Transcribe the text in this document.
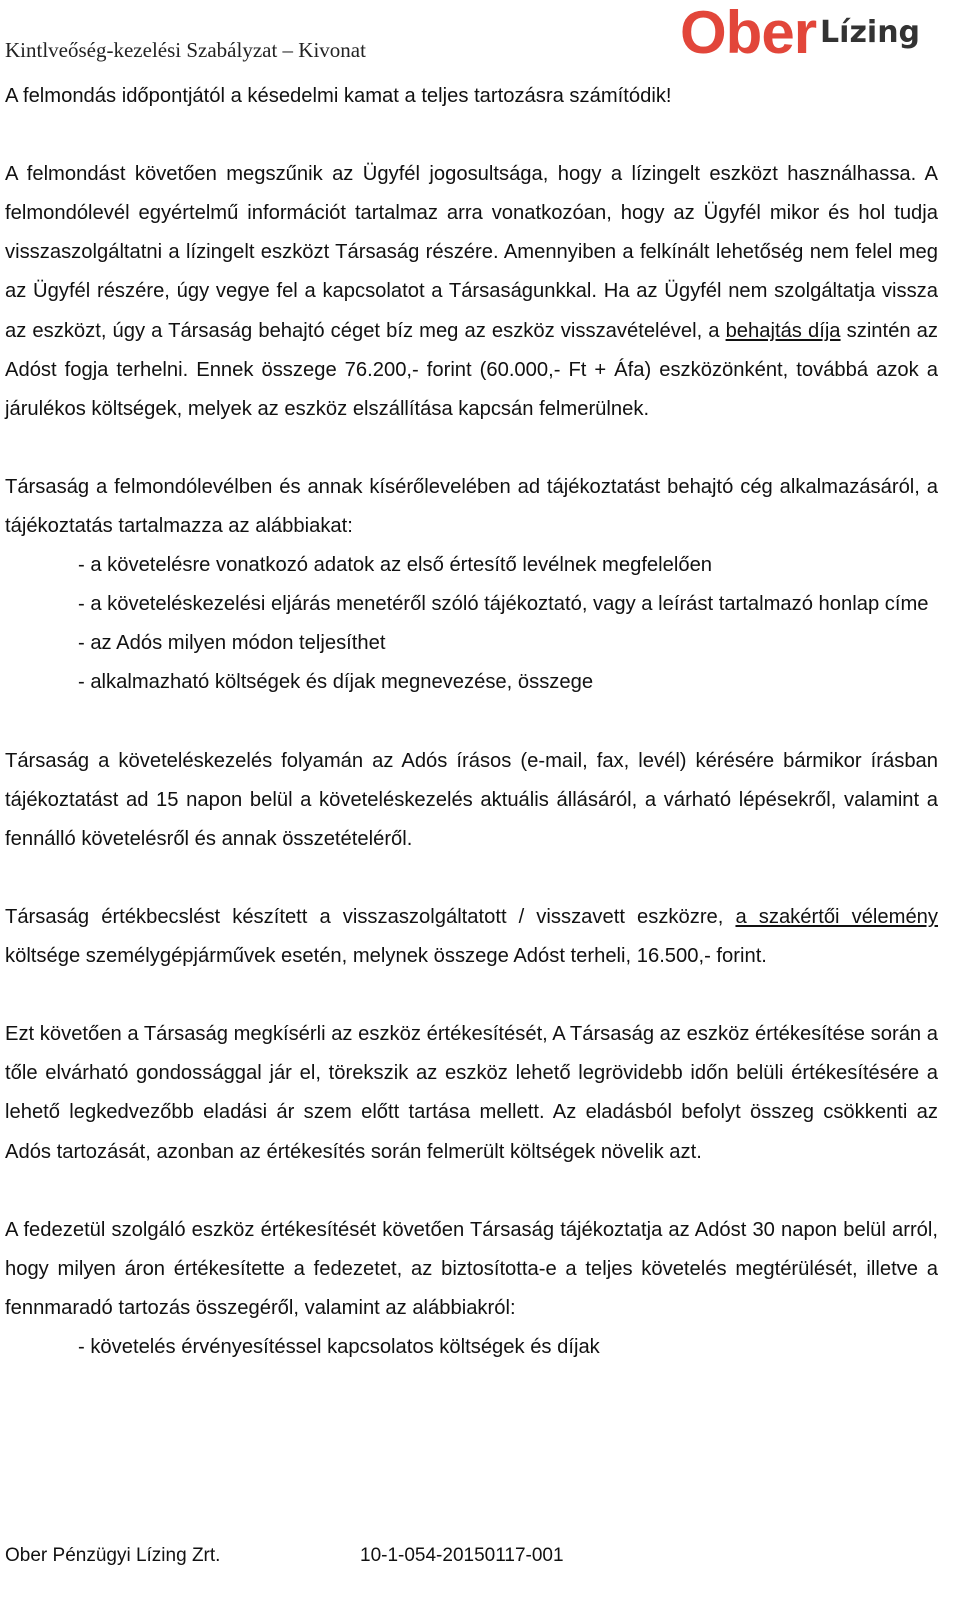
Kintlveőség-kezelési Szabályzat – Kivonat	Ober Lízing

A felmondás időpontjától a késedelmi kamat a teljes tartozásra számítódik!

A felmondást követően megszűnik az Ügyfél jogosultsága, hogy a lízingelt eszközt használhassa. A felmondólevél egyértelmű információt tartalmaz arra vonatkozóan, hogy az Ügyfél mikor és hol tudja visszaszolgáltatni a lízingelt eszközt Társaság részére. Amennyiben a felkínált lehetőség nem felel meg az Ügyfél részére, úgy vegye fel a kapcsolatot a Társaságunkkal. Ha az Ügyfél nem szolgáltatja vissza az eszközt, úgy a Társaság behajtó céget bíz meg az eszköz visszavételével, a behajtás díja szintén az Adóst fogja terhelni. Ennek összege 76.200,- forint (60.000,- Ft + Áfa) eszközönként, továbbá azok a járulékos költségek, melyek az eszköz elszállítása kapcsán felmerülnek.

Társaság a felmondólevélben és annak kísérőlevelében ad tájékoztatást behajtó cég alkalmazásáról, a tájékoztatás tartalmazza az alábbiakat:

- a követelésre vonatkozó adatok az első értesítő levélnek megfelelően

- a követeléskezelési eljárás menetéről szóló tájékoztató, vagy a leírást tartalmazó honlap címe

- az Adós milyen módon teljesíthet

- alkalmazható költségek és díjak megnevezése, összege

Társaság a követeléskezelés folyamán az Adós írásos (e-mail, fax, levél) kérésére bármikor írásban tájékoztatást ad 15 napon belül a követeléskezelés aktuális állásáról, a várható lépésekről, valamint a fennálló követelésről és annak összetételéről.

Társaság értékbecslést készített a visszaszolgáltatott / visszavett eszközre, a szakértői vélemény költsége személygépjárművek esetén, melynek összege Adóst terheli, 16.500,- forint.

Ezt követően a Társaság megkísérli az eszköz értékesítését, A Társaság az eszköz értékesítése során a tőle elvárható gondossággal jár el, törekszik az eszköz lehető legrövidebb időn belüli értékesítésére a lehető legkedvezőbb eladási ár szem előtt tartása mellett. Az eladásból befolyt összeg csökkenti az Adós tartozását, azonban az értékesítés során felmerült költségek növelik azt.

A fedezetül szolgáló eszköz értékesítését követően Társaság tájékoztatja az Adóst 30 napon belül arról, hogy milyen áron értékesítette a fedezetet, az biztosította-e a teljes követelés megtérülését, illetve a fennmaradó tartozás összegéről, valamint az alábbiakról:

- követelés érvényesítéssel kapcsolatos költségek és díjak

Ober Pénzügyi Lízing Zrt.	10-1-054-20150117-001
